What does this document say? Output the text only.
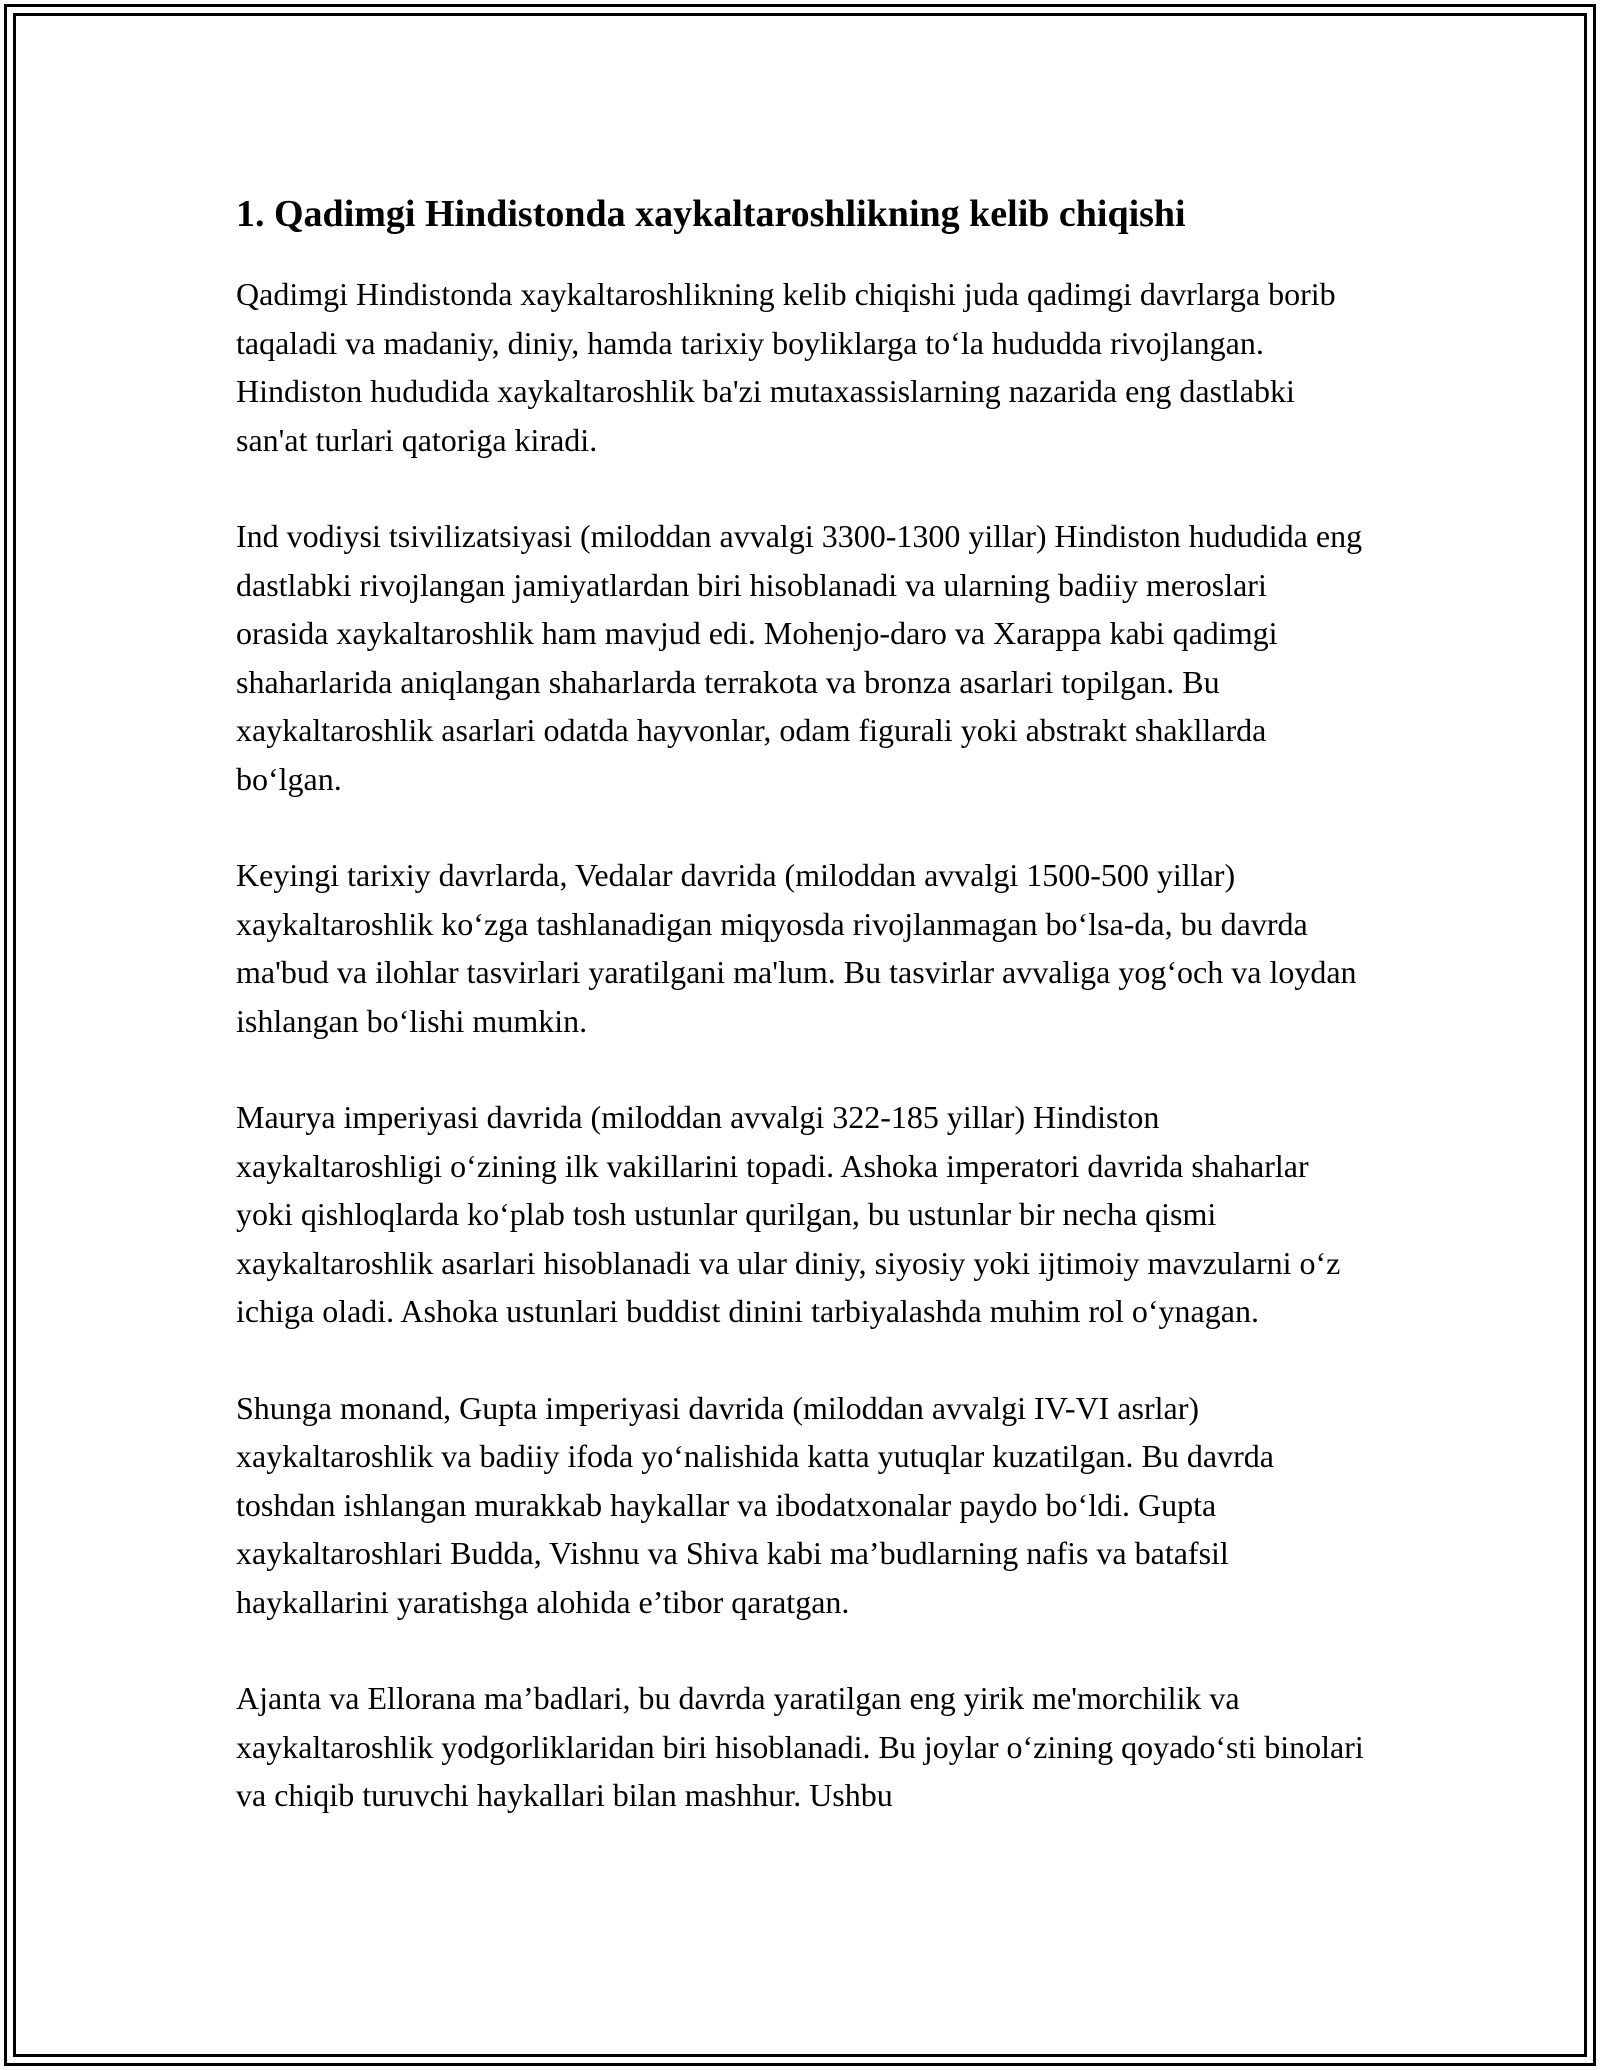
1. Qadimgi Hindistonda xaykaltaroshlikning kelib chiqishi

Qadimgi Hindistonda xaykaltaroshlikning kelib chiqishi juda qadimgi davrlarga borib taqaladi va madaniy, diniy, hamda tarixiy boyliklarga to‘la hududda rivojlangan. Hindiston hududida xaykaltaroshlik ba'zi mutaxassislarning nazarida eng dastlabki san'at turlari qatoriga kiradi.

Ind vodiysi tsivilizatsiyasi (miloddan avvalgi 3300-1300 yillar) Hindiston hududida eng dastlabki rivojlangan jamiyatlardan biri hisoblanadi va ularning badiiy meroslari orasida xaykaltaroshlik ham mavjud edi. Mohenjo-daro va Xarappa kabi qadimgi shaharlarida aniqlangan shaharlarda terrakota va bronza asarlari topilgan. Bu xaykaltaroshlik asarlari odatda hayvonlar, odam figurali yoki abstrakt shakllarda bo‘lgan.

Keyingi tarixiy davrlarda, Vedalar davrida (miloddan avvalgi 1500-500 yillar) xaykaltaroshlik ko‘zga tashlanadigan miqyosda rivojlanmagan bo‘lsa-da, bu davrda ma'bud va ilohlar tasvirlari yaratilgani ma'lum. Bu tasvirlar avvaliga yog‘och va loydan ishlangan bo‘lishi mumkin.

Maurya imperiyasi davrida (miloddan avvalgi 322-185 yillar) Hindiston xaykaltaroshligi o‘zining ilk vakillarini topadi. Ashoka imperatori davrida shaharlar yoki qishloqlarda ko‘plab tosh ustunlar qurilgan, bu ustunlar bir necha qismi xaykaltaroshlik asarlari hisoblanadi va ular diniy, siyosiy yoki ijtimoiy mavzularni o‘z ichiga oladi. Ashoka ustunlari buddist dinini tarbiyalashda muhim rol o‘ynagan.

Shunga monand, Gupta imperiyasi davrida (miloddan avvalgi IV-VI asrlar) xaykaltaroshlik va badiiy ifoda yo‘nalishida katta yutuqlar kuzatilgan. Bu davrda toshdan ishlangan murakkab haykallar va ibodatxonalar paydo bo‘ldi. Gupta xaykaltaroshlari Budda, Vishnu va Shiva kabi ma’budlarning nafis va batafsil haykallarini yaratishga alohida e’tibor qaratgan.

Ajanta va Ellorana ma’badlari, bu davrda yaratilgan eng yirik me'morchilik va xaykaltaroshlik yodgorliklaridan biri hisoblanadi. Bu joylar o‘zining qoyado‘sti binolari va chiqib turuvchi haykallari bilan mashhur. Ushbu
